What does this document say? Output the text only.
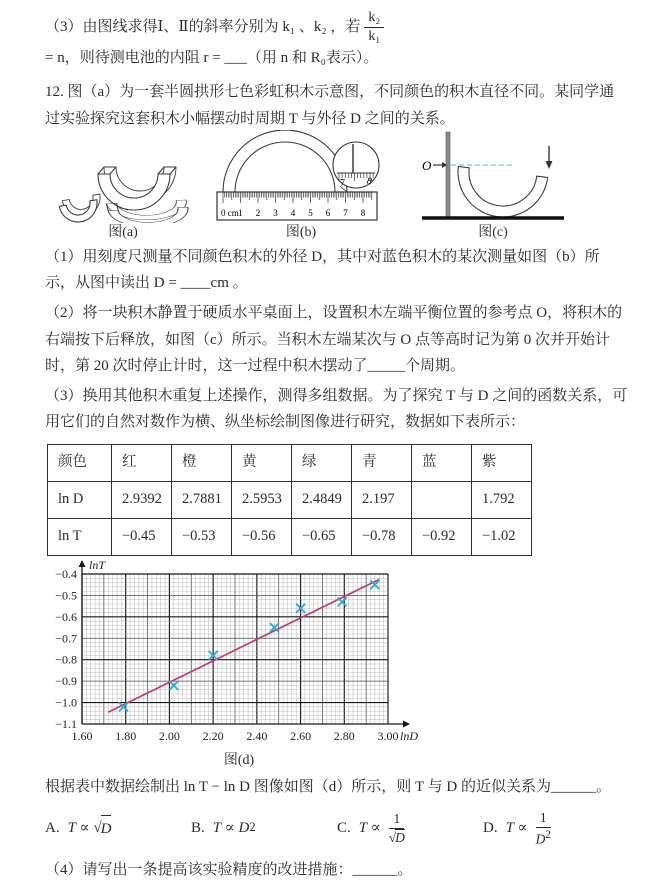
（3）由图线求得Ⅰ、Ⅱ的斜率分别为 k₁ 、k₂ ，若 $\frac{\text{k₂}}{\text{k₁}}$
= n，则待测电池的内阻 r = ___（用 n 和 R₀表示）。
12. 图（a）为一套半圆拱形七色彩虹积木示意图，不同颜色的积木直径不同。某同学通过实验探究这套积木小幅摆动时周期 T 与外径 D 之间的关系。
图(a)
0 cm 1 2 3 4 5 6 7 8
7 8
图(b)
O
图(c)
（1）用刻度尺测量不同颜色积木的外径 D，其中对蓝色积木的某次测量如图（b）所示，从图中读出 D = ____cm 。
（2）将一块积木静置于硬质水平桌面上，设置积木左端平衡位置的参考点 O，将积木的右端按下后释放，如图（c）所示。当积木左端某次与 O 点等高时记为第 0 次并开始计时，第 20 次时停止计时，这一过程中积木摆动了_____个周期。
（3）换用其他积木重复上述操作，测得多组数据。为了探究 T 与 D 之间的函数关系，可用它们的自然对数作为横、纵坐标绘制图像进行研究，数据如下表所示：
颜色	红	橙	黄	绿	青	蓝	紫
ln D	2.9392	2.7881	2.5953	2.4849	2.197		1.792
ln T	−0.45	−0.53	−0.56	−0.65	−0.78	−0.92	−1.02
lnT
lnD
1.60 1.80 2.00 2.20 2.40 2.60 2.80 3.00
−0.4
−0.5
−0.6
−0.7
−0.8
−0.9
−1.0
−1.1
图(d)
根据表中数据绘制出 ln T − ln D 图像如图（d）所示，则 T 与 D 的近似关系为______。
A. T ∝
√ D	B. T ∝
D 2	C. $T \propto \frac{1}{√D}$	D. $T \propto \frac{1}{D^2}$
（4）请写出一条提高该实验精度的改进措施：______。
